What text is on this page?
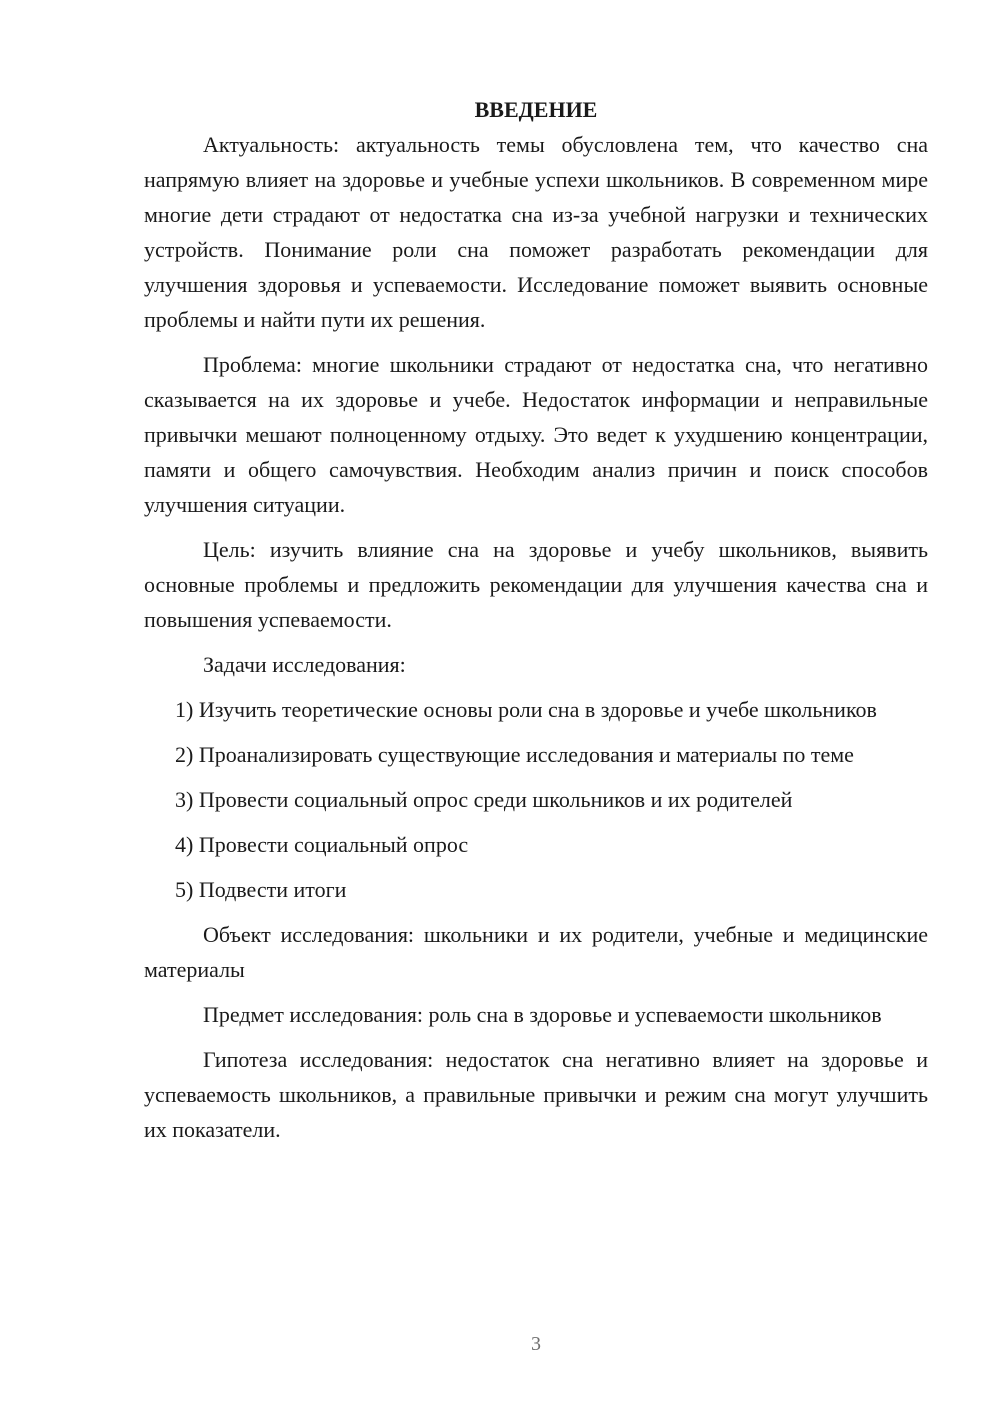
ВВЕДЕНИЕ

Актуальность: актуальность темы обусловлена тем, что качество сна напрямую влияет на здоровье и учебные успехи школьников. В современном мире многие дети страдают от недостатка сна из-за учебной нагрузки и технических устройств. Понимание роли сна поможет разработать рекомендации для улучшения здоровья и успеваемости. Исследование поможет выявить основные проблемы и найти пути их решения.

Проблема: многие школьники страдают от недостатка сна, что негативно сказывается на их здоровье и учебе. Недостаток информации и неправильные привычки мешают полноценному отдыху. Это ведет к ухудшению концентрации, памяти и общего самочувствия. Необходим анализ причин и поиск способов улучшения ситуации.

Цель: изучить влияние сна на здоровье и учебу школьников, выявить основные проблемы и предложить рекомендации для улучшения качества сна и повышения успеваемости.

Задачи исследования:

1) Изучить теоретические основы роли сна в здоровье и учебе школьников

2) Проанализировать существующие исследования и материалы по теме

3) Провести социальный опрос среди школьников и их родителей

4) Провести социальный опрос

5) Подвести итоги

Объект исследования: школьники и их родители, учебные и медицинские материалы

Предмет исследования: роль сна в здоровье и успеваемости школьников

Гипотеза исследования: недостаток сна негативно влияет на здоровье и успеваемость школьников, а правильные привычки и режим сна могут улучшить их показатели.

3
